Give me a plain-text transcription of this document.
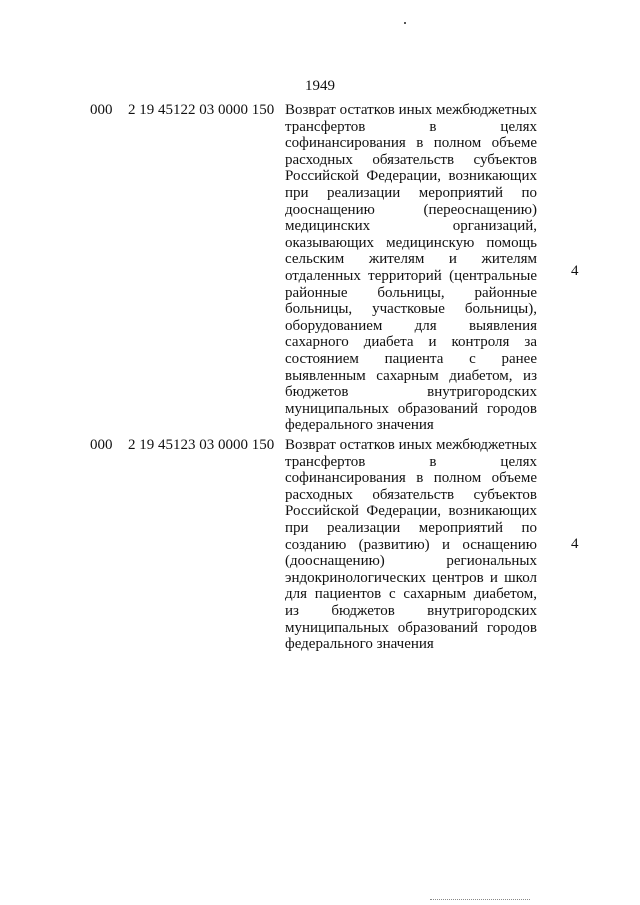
1949
000 2 19 45122 03 0000 150 Возврат остатков иных межбюджетных трансфертов в целях софинансирования в полном объеме расходных обязательств субъектов Российской Федерации, возникающих при реализации мероприятий по дооснащению (переоснащению) медицинских организаций, оказывающих медицинскую помощь сельским жителям и жителям отдаленных территорий (центральные районные больницы, районные больницы, участковые больницы), оборудованием для выявления сахарного диабета и контроля за состоянием пациента с ранее выявленным сахарным диабетом, из бюджетов внутригородских муниципальных образований городов федерального значения

4
000 2 19 45123 03 0000 150 Возврат остатков иных межбюджетных трансфертов в целях софинансирования в полном объеме расходных обязательств субъектов Российской Федерации, возникающих при реализации мероприятий по созданию (развитию) и оснащению (дооснащению) региональных эндокринологических центров и школ для пациентов с сахарным диабетом, из бюджетов внутригородских муниципальных образований городов федерального значения

4
